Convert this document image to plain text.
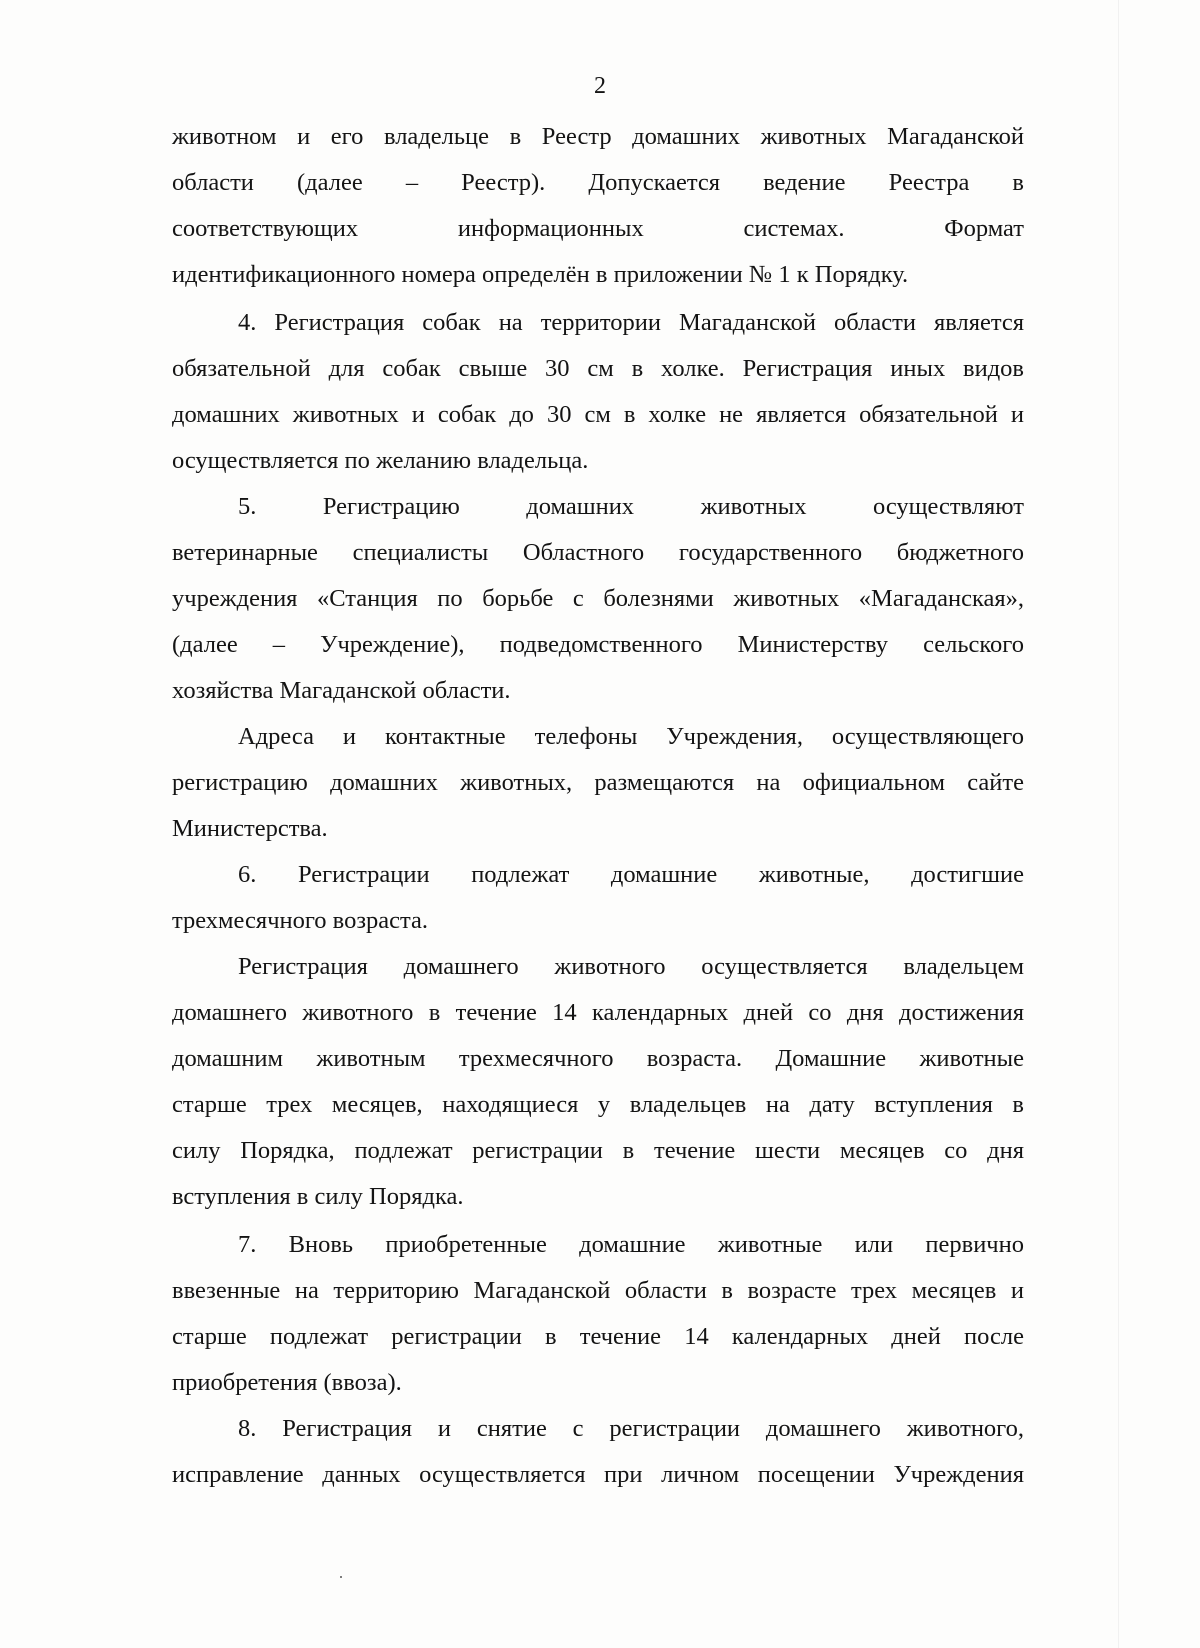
2
животном и его владельце в Реестр домашних животных Магаданской
области (далее – Реестр). Допускается ведение Реестра в
соответствующих информационных системах. Формат
идентификационного номера определён в приложении № 1 к Порядку.
4. Регистрация собак на территории Магаданской области является
обязательной для собак свыше 30 см в холке. Регистрация иных видов
домашних животных и собак до 30 см в холке не является обязательной и
осуществляется по желанию владельца.
5. Регистрацию домашних животных осуществляют
ветеринарные специалисты Областного государственного бюджетного
учреждения «Станция по борьбе с болезнями животных «Магаданская»,
(далее – Учреждение), подведомственного Министерству сельского
хозяйства Магаданской области.
Адреса и контактные телефоны Учреждения, осуществляющего
регистрацию домашних животных, размещаются на официальном сайте
Министерства.
6. Регистрации подлежат домашние животные, достигшие
трехмесячного возраста.
Регистрация домашнего животного осуществляется владельцем
домашнего животного в течение 14 календарных дней со дня достижения
домашним животным трехмесячного возраста. Домашние животные
старше трех месяцев, находящиеся у владельцев на дату вступления в
силу Порядка, подлежат регистрации в течение шести месяцев со дня
вступления в силу Порядка.
7. Вновь приобретенные домашние животные или первично
ввезенные на территорию Магаданской области в возрасте трех месяцев и
старше подлежат регистрации в течение 14 календарных дней после
приобретения (ввоза).
8. Регистрация и снятие с регистрации домашнего животного,
исправление данных осуществляется при личном посещении Учреждения
